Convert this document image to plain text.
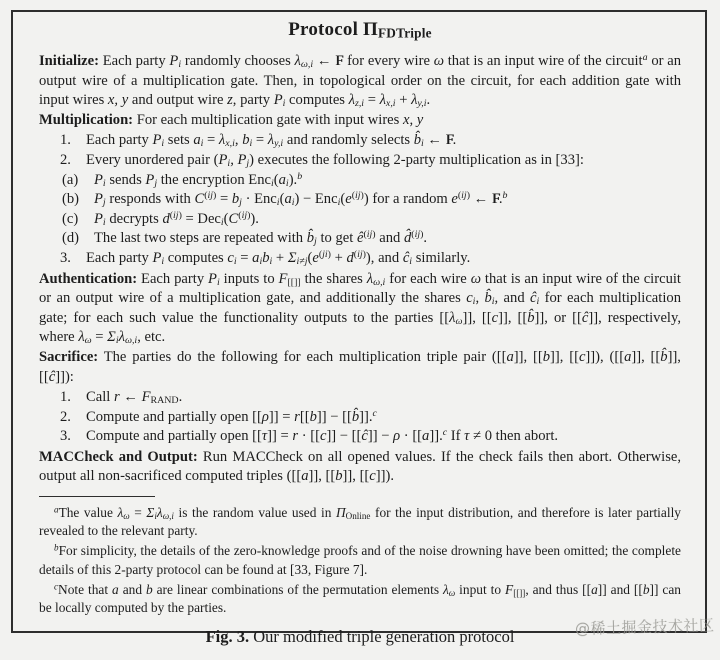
Protocol $\Pi_{FDTriple}$

Initialize: Each party $P_i$ randomly chooses $\lambda_{\omega,i}$ ← F for every wire ω that is an input wire of the circuit$^a$ or an output wire of a multiplication gate. Then, in topological order on the circuit, for each addition gate with input wires x, y and output wire z, party $P_i$ computes $\lambda_{z,i} = \lambda_{x,i} + \lambda_{y,i}$.

Multiplication: For each multiplication gate with input wires x, y

1.	Each party $P_i$ sets $a_i = \lambda_{x,i}$, $b_i = \lambda_{y,i}$ and randomly selects $b̂_i$ ← F.
2.	Every unordered pair ($P_i$, $P_j$) executes the following 2-party multiplication as in [33]:
(a)	$P_i$ sends $P_j$ the encryption $Enc_i(a_i).^b$
(b)	$P_j$ responds with $C^{(ij)} = b_j \cdot Enc_i(a_i) - Enc_i(e^{(ij)})$ for a random $e^{(ij)}$ ← F.$^b$
(c)	$P_i$ decrypts $d^{(ij)} = Dec_i(C^{(ij)})$.
(d)	The last two steps are repeated with $b̂_j$ to get $ê^{(ij)}$ and d̂$^{(ij)}$.
3.	Each party $P_i$ computes $c_i = a_ib_i + \Sigma_{i\ne j}(e^{(ji)} + d^{(ij)})$, and $ĉ_i$ similarly.

Authentication: Each party $P_i$ inputs to $F_{[[]]}$ the shares $\lambda_{\omega,i}$ for each wire ω that is an input wire of the circuit or an output wire of a multiplication gate, and additionally the shares $c_i$, $b̂_i$, and $ĉ_i$ for each multiplication gate; for each such value the functionality outputs to the parties $[[\lambda_\omega]]$, [[c]], [[b̂]], or [[ĉ]], respectively, where $\lambda_\omega = \Sigma_i\lambda_{\omega,i}$, etc.

Sacrifice: The parties do the following for each multiplication triple pair ([[a]], [[b]], [[c]]), ([[a]], [[b̂]], [[ĉ]]):

1.	Call r ← $F_{RAND}$.
2.	Compute and partially open [[ρ]] = r[[b]] − [[b̂]].$^c$
3.	Compute and partially open [[τ]] = r · [[c]] − [[ĉ]] − ρ · [[a]].$^c$ If τ ≠ 0 then abort.

MACCheck and Output: Run MACCheck on all opened values. If the check fails then abort. Otherwise, output all non-sacrificed computed triples ([[a]], [[b]], [[c]]).

$^a$The value $\lambda_\omega = \Sigma_i\lambda_{\omega,i}$ is the random value used in $\Pi_{Online}$ for the input distribution, and therefore is later partially revealed to the relevant party.

$^b$For simplicity, the details of the zero-knowledge proofs and of the noise drowning have been omitted; the complete details of this 2-party protocol can be found at [33, Figure 7].

$^c$Note that a and b are linear combinations of the permutation elements $\lambda_\omega$ input to $F_{[[]]}$, and thus [[a]] and [[b]] can be locally computed by the parties.

Fig. 3. Our modified triple generation protocol	@稀土掘金技术社区
